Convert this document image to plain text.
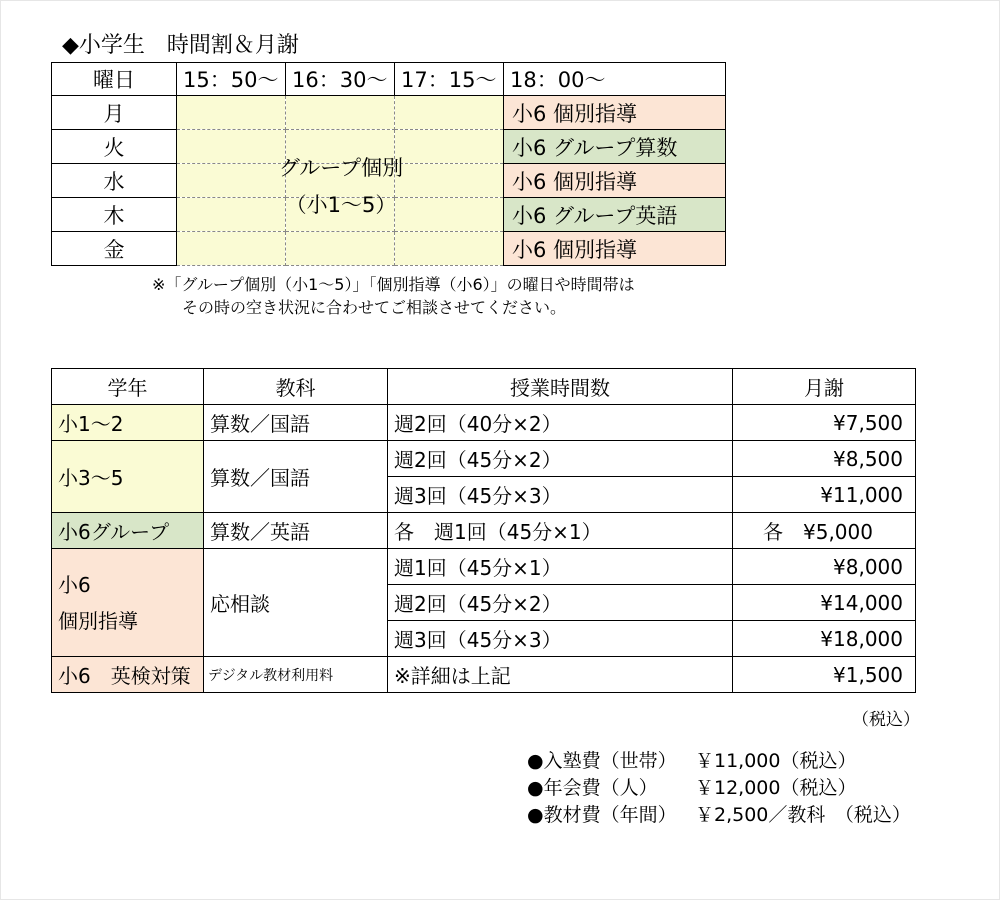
◆小学生　時間割＆月謝
曜日	15：50〜	16：30〜	17：15〜	18：00〜
月				小6 個別指導
火				小6 グループ算数
水				小6 個別指導
木				小6 グループ英語
金				小6 個別指導
グループ個別
（小1〜5）
※「グループ個別（小1〜5）」「個別指導（小6）」の曜日や時間帯は
その時の空き状況に合わせてご相談させてください。
学年	教科	授業時間数	月謝
小1〜2	算数／国語	週2回（40分×2）	¥7,500
小3〜5	算数／国語	週2回（45分×2）	¥8,500
		週3回（45分×3）	¥11,000
小6グループ	算数／英語	各　週1回（45分×1）	各　¥5,000

小6
個別指導	応相談	週1回（45分×1）	¥8,000
		週2回（45分×2）	¥14,000
		週3回（45分×3）	¥18,000
小6　英検対策	デジタル教材利用料	※詳細は上記	¥1,500
（税込）
●入塾費（世帯） ￥11,000（税込）
●年会費（人） ￥12,000（税込）
●教材費（年間） ￥2,500／教科　（税込）
